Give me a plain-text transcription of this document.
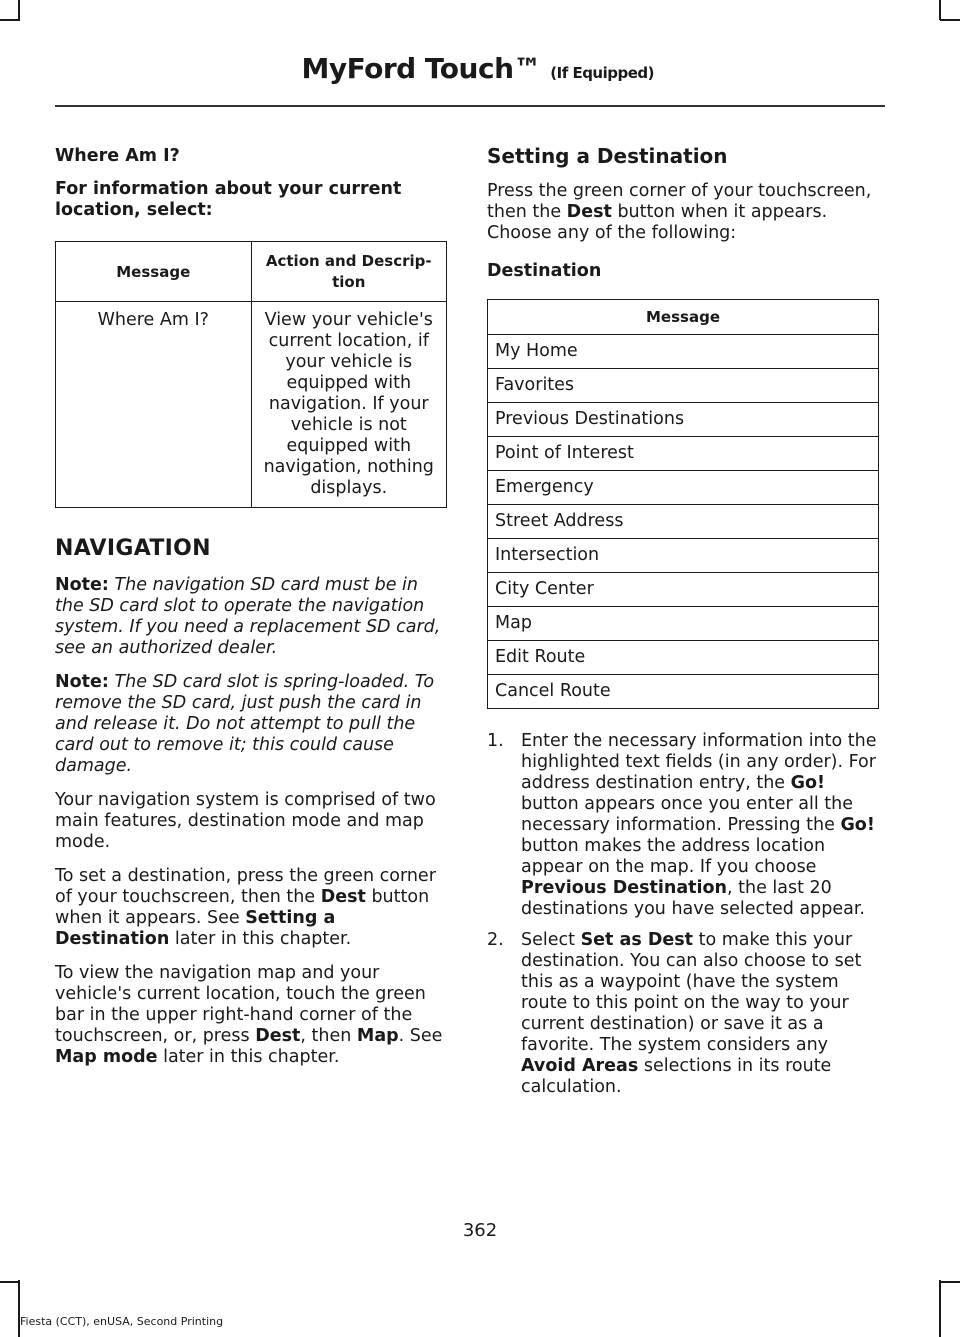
MyFord Touch™ (If Equipped)
Where Am I?
For information about your current location, select:
Message	Action and Descrip-tion
Where Am I?	View your vehicle's current location, if your vehicle is equipped with navigation. If your vehicle is not equipped with navigation, nothing displays.
NAVIGATION

Note: The navigation SD card must be in the SD card slot to operate the navigation system. If you need a replacement SD card, see an authorized dealer.

Note: The SD card slot is spring-loaded. To remove the SD card, just push the card in and release it. Do not attempt to pull the card out to remove it; this could cause damage.

Your navigation system is comprised of two main features, destination mode and map mode.

To set a destination, press the green corner of your touchscreen, then the Dest button when it appears. See Setting a Destination later in this chapter.

To view the navigation map and your vehicle's current location, touch the green bar in the upper right-hand corner of the touchscreen, or, press Dest, then Map. See Map mode later in this chapter.

Setting a Destination

Press the green corner of your touchscreen, then the Dest button when it appears. Choose any of the following:

Destination
Message
My Home
Favorites
Previous Destinations
Point of Interest
Emergency
Street Address
Intersection
City Center
Map
Edit Route
Cancel Route
1. Enter the necessary information into the highlighted text fields (in any order). For address destination entry, the Go! button appears once you enter all the necessary information. Pressing the Go! button makes the address location appear on the map. If you choose Previous Destination, the last 20 destinations you have selected appear.
2. Select Set as Dest to make this your destination. You can also choose to set this as a waypoint (have the system route to this point on the way to your current destination) or save it as a favorite. The system considers any Avoid Areas selections in its route calculation.
362
Fiesta (CCT), enUSA, Second Printing
